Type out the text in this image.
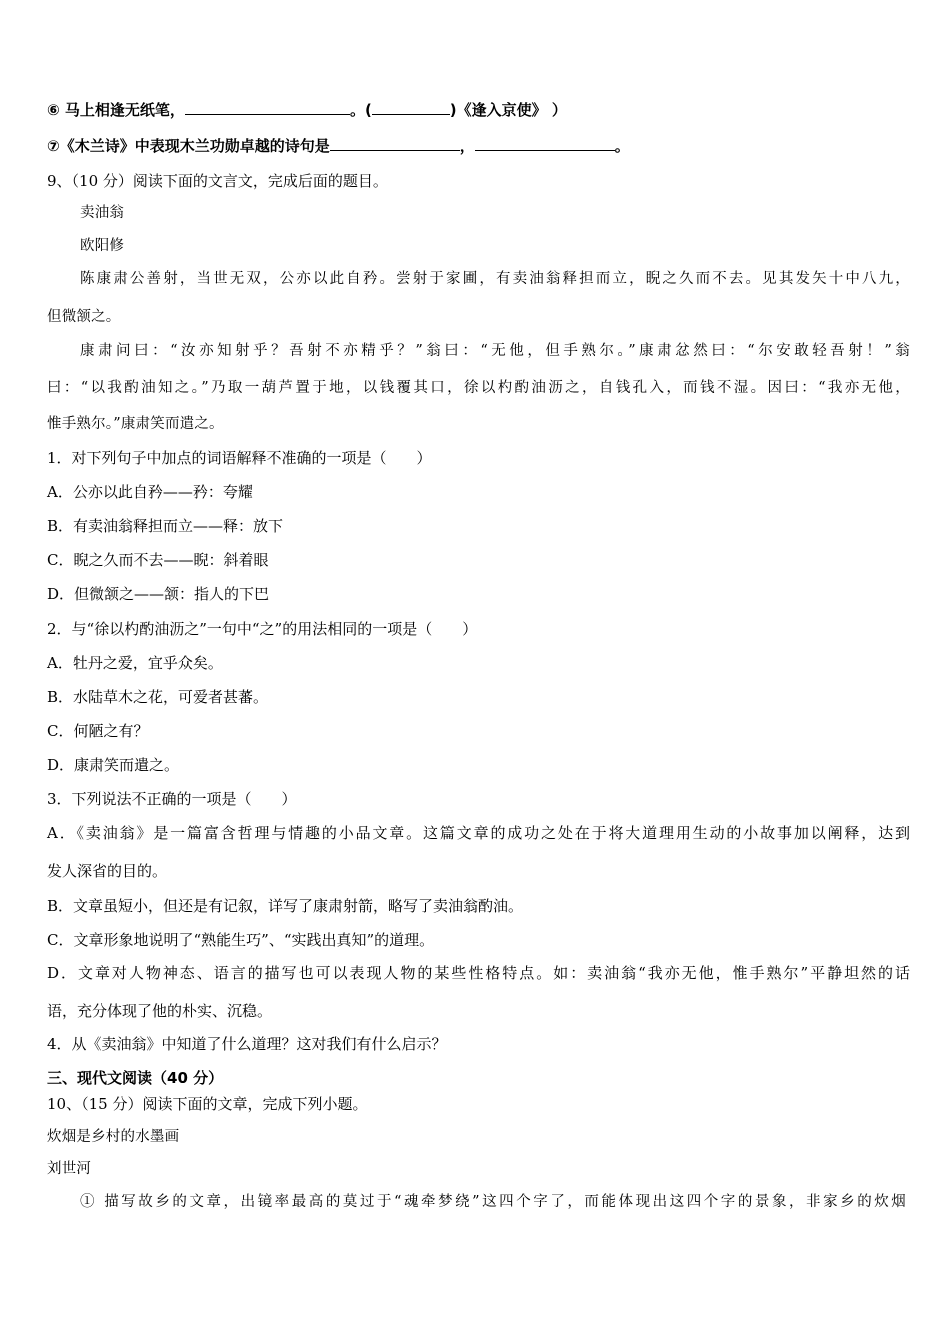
⑥ 马上相逢无纸笔，	。(	)《逢入京使》 ）
⑦《木兰诗》中表现木兰功勋卓越的诗句是	，	。
9、（10 分）阅读下面的文言文，完成后面的题目。
卖油翁
欧阳修
陈康肃公善射，当世无双，公亦以此自矜。尝射于家圃，有卖油翁释担而立，睨之久而不去。见其发矢十中八九，
但微颔之。
康肃问曰：“汝亦知射乎？吾射不亦精乎？”翁曰：“无他，但手熟尔。”康肃忿然曰：“尔安敢轻吾射！”翁
曰：“以我酌油知之。”乃取一葫芦置于地，以钱覆其口，徐以杓酌油沥之，自钱孔入，而钱不湿。因曰：“我亦无他，
惟手熟尔。”康肃笑而遣之。
1．对下列句子中加点的词语解释不准确的一项是（　　）
A．公亦以此自矜——矜：夸耀
B．有卖油翁释担而立——释：放下
C．睨之久而不去——睨：斜着眼
D．但微颔之——颔：指人的下巴
2．与“徐以杓酌油沥之”一句中“之”的用法相同的一项是（　　）
A．牡丹之爱，宜乎众矣。
B．水陆草木之花，可爱者甚蕃。
C．何陋之有？
D．康肃笑而遣之。
3．下列说法不正确的一项是（　　）
A．《卖油翁》是一篇富含哲理与情趣的小品文章。这篇文章的成功之处在于将大道理用生动的小故事加以阐释，达到
发人深省的目的。
B．文章虽短小，但还是有记叙，详写了康肃射箭，略写了卖油翁酌油。
C．文章形象地说明了“熟能生巧”、“实践出真知”的道理。
D．文章对人物神态、语言的描写也可以表现人物的某些性格特点。如：卖油翁“我亦无他，惟手熟尔”平静坦然的话
语，充分体现了他的朴实、沉稳。
4．从《卖油翁》中知道了什么道理？这对我们有什么启示？
三、现代文阅读（40 分）
10、（15 分）阅读下面的文章，完成下列小题。
炊烟是乡村的水墨画
刘世河
① 描写故乡的文章，出镜率最高的莫过于“魂牵梦绕”这四个字了，而能体现出这四个字的景象，非家乡的炊烟
